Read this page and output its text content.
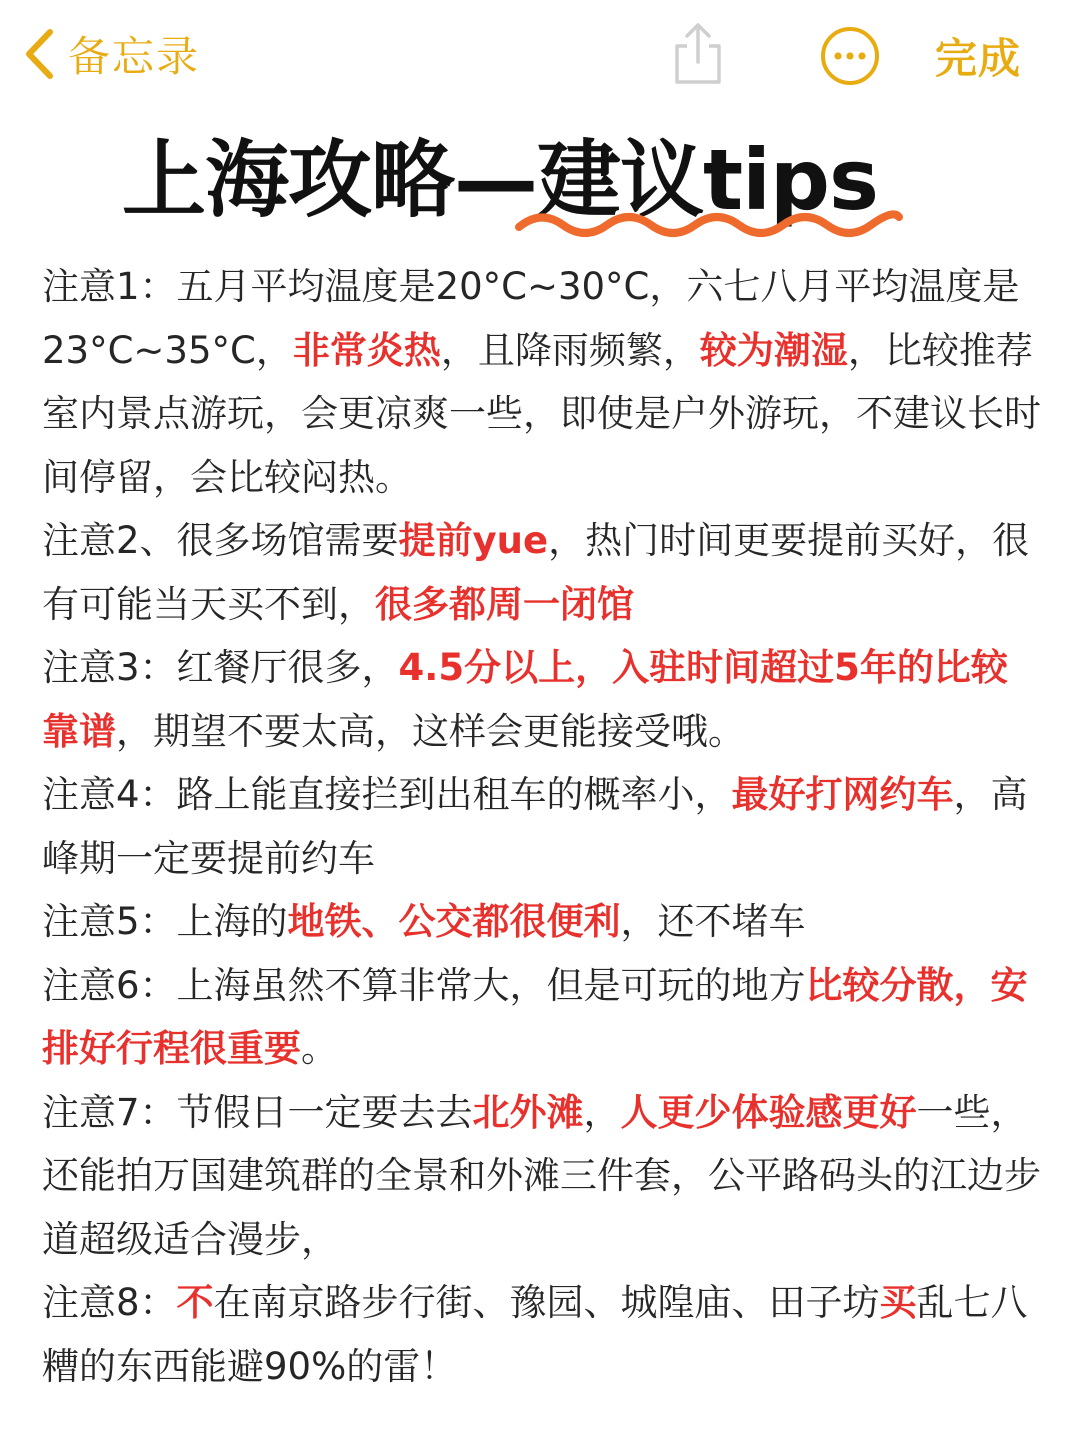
备忘录	完成
上海攻略—建议tips

注意1：五月平均温度是20°C~30°C，六七八月平均温度是23°C~35°C，非常炎热，且降雨频繁，较为潮湿，比较推荐室内景点游玩，会更凉爽一些，即使是户外游玩，不建议长时间停留，会比较闷热。

注意2、很多场馆需要提前yue，热门时间更要提前买好，很有可能当天买不到，很多都周一闭馆

注意3：红餐厅很多，4.5分以上，入驻时间超过5年的比较靠谱，期望不要太高，这样会更能接受哦。

注意4：路上能直接拦到出租车的概率小，最好打网约车，高峰期一定要提前约车

注意5：上海的地铁、公交都很便利，还不堵车

注意6：上海虽然不算非常大，但是可玩的地方比较分散，安排好行程很重要。

注意7：节假日一定要去去北外滩，人更少体验感更好一些，还能拍万国建筑群的全景和外滩三件套，公平路码头的江边步道超级适合漫步，

注意8：不在南京路步行街、豫园、城隍庙、田子坊买乱七八糟的东西能避90%的雷！
